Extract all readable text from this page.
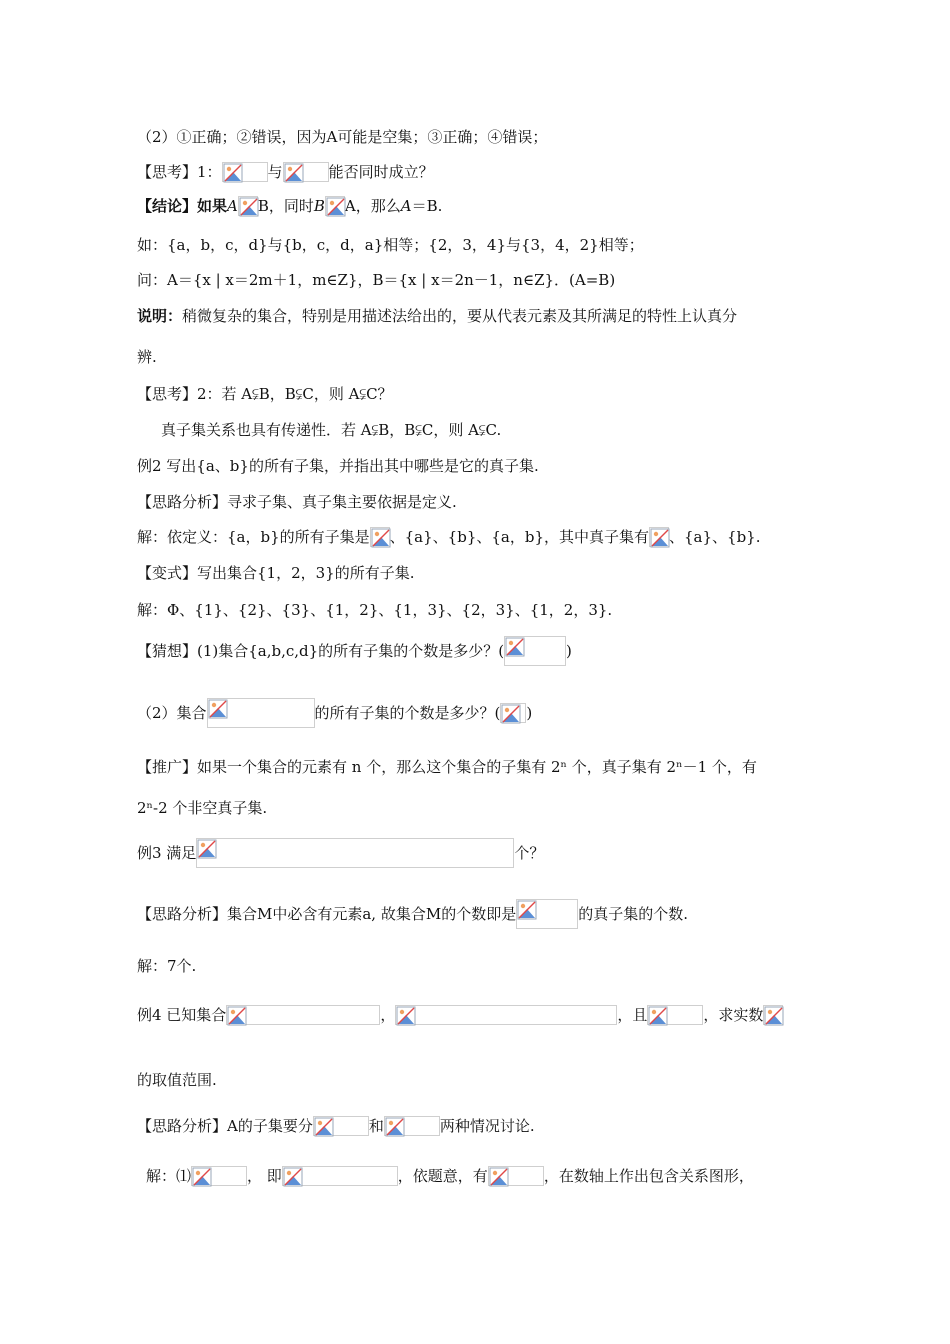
（2）①正确；②错误，因为A可能是空集；③正确；④错误；
【思考】1：	与	能否同时成立？
【结论】如果A B，同时B A，那么A＝B.
如：{a，b，c，d}与{b，c，d，a}相等；{2，3，4}与{3，4，2}相等；
问：A＝{x | x＝2m＋1，m∈Z}，B＝{x | x＝2n－1，n∈Z}．(A=B)
说明：稍微复杂的集合，特别是用描述法给出的，要从代表元素及其所满足的特性上认真分
辨.
【思考】2：若 A⫋B，B⫋C，则 A⫋C？
真子集关系也具有传递性．若 A⫋B，B⫋C，则 A⫋C.
例2 写出{a、b}的所有子集，并指出其中哪些是它的真子集.
【思路分析】寻求子集、真子集主要依据是定义.
解：依定义：{a，b}的所有子集是 、{a}、{b}、{a，b}，其中真子集有 、{a}、{b}.
【变式】写出集合{1，2，3}的所有子集.
解：Φ、{1}、{2}、{3}、{1，2}、{1，3}、{2，3}、{1，2，3}.
【猜想】(1)集合{a,b,c,d}的所有子集的个数是多少？(	)
（2）集合	的所有子集的个数是多少？( )
【推广】如果一个集合的元素有 n 个，那么这个集合的子集有 2ⁿ 个，真子集有 2ⁿ－1 个，有
2ⁿ-2 个非空真子集.
例3 满足	个？
【思路分析】集合M中必含有元素a, 故集合M的个数即是	的真子集的个数.
解：7个.
例4 已知集合	，	，且	，求实数
的取值范围.
【思路分析】A的子集要分	和	两种情况讨论.
解：⑴	， 即	，依题意，有	，在数轴上作出包含关系图形，
